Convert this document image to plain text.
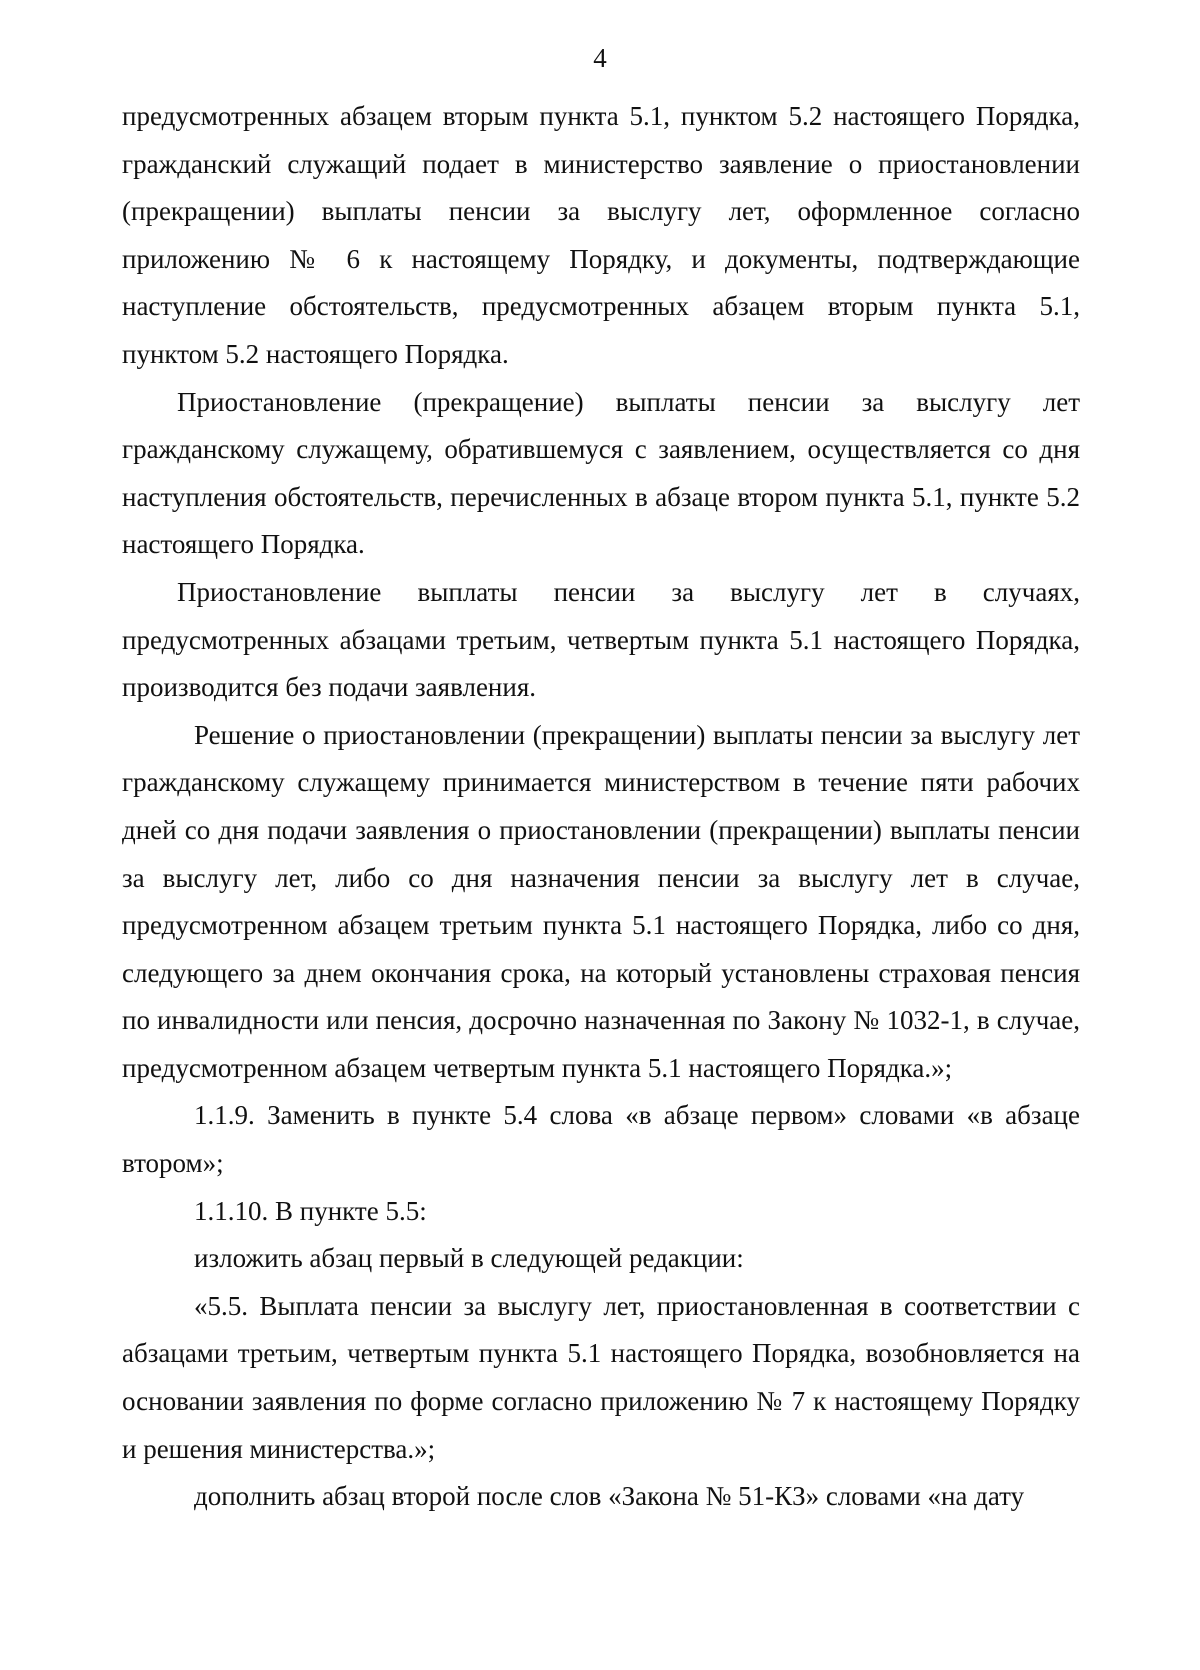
4

предусмотренных абзацем вторым пункта 5.1, пунктом 5.2 настоящего Порядка, гражданский служащий подает в министерство заявление о приостановлении (прекращении) выплаты пенсии за выслугу лет, оформленное согласно приложению № 6 к настоящему Порядку, и документы, подтверждающие наступление обстоятельств, предусмотренных абзацем вторым пункта 5.1, пунктом 5.2 настоящего Порядка.

Приостановление (прекращение) выплаты пенсии за выслугу лет гражданскому служащему, обратившемуся с заявлением, осуществляется со дня наступления обстоятельств, перечисленных в абзаце втором пункта 5.1, пункте 5.2 настоящего Порядка.

Приостановление выплаты пенсии за выслугу лет в случаях, предусмотренных абзацами третьим, четвертым пункта 5.1 настоящего Порядка, производится без подачи заявления.

Решение о приостановлении (прекращении) выплаты пенсии за выслугу лет гражданскому служащему принимается министерством в течение пяти рабочих дней со дня подачи заявления о приостановлении (прекращении) выплаты пенсии за выслугу лет, либо со дня назначения пенсии за выслугу лет в случае, предусмотренном абзацем третьим пункта 5.1 настоящего Порядка, либо со дня, следующего за днем окончания срока, на который установлены страховая пенсия по инвалидности или пенсия, досрочно назначенная по Закону № 1032-1, в случае, предусмотренном абзацем четвертым пункта 5.1 настоящего Порядка.»;

1.1.9. Заменить в пункте 5.4 слова «в абзаце первом» словами «в абзаце втором»;

1.1.10. В пункте 5.5:

изложить абзац первый в следующей редакции:

«5.5. Выплата пенсии за выслугу лет, приостановленная в соответствии с абзацами третьим, четвертым пункта 5.1 настоящего Порядка, возобновляется на основании заявления по форме согласно приложению № 7 к настоящему Порядку и решения министерства.»;

дополнить абзац второй после слов «Закона № 51-КЗ» словами «на дату
